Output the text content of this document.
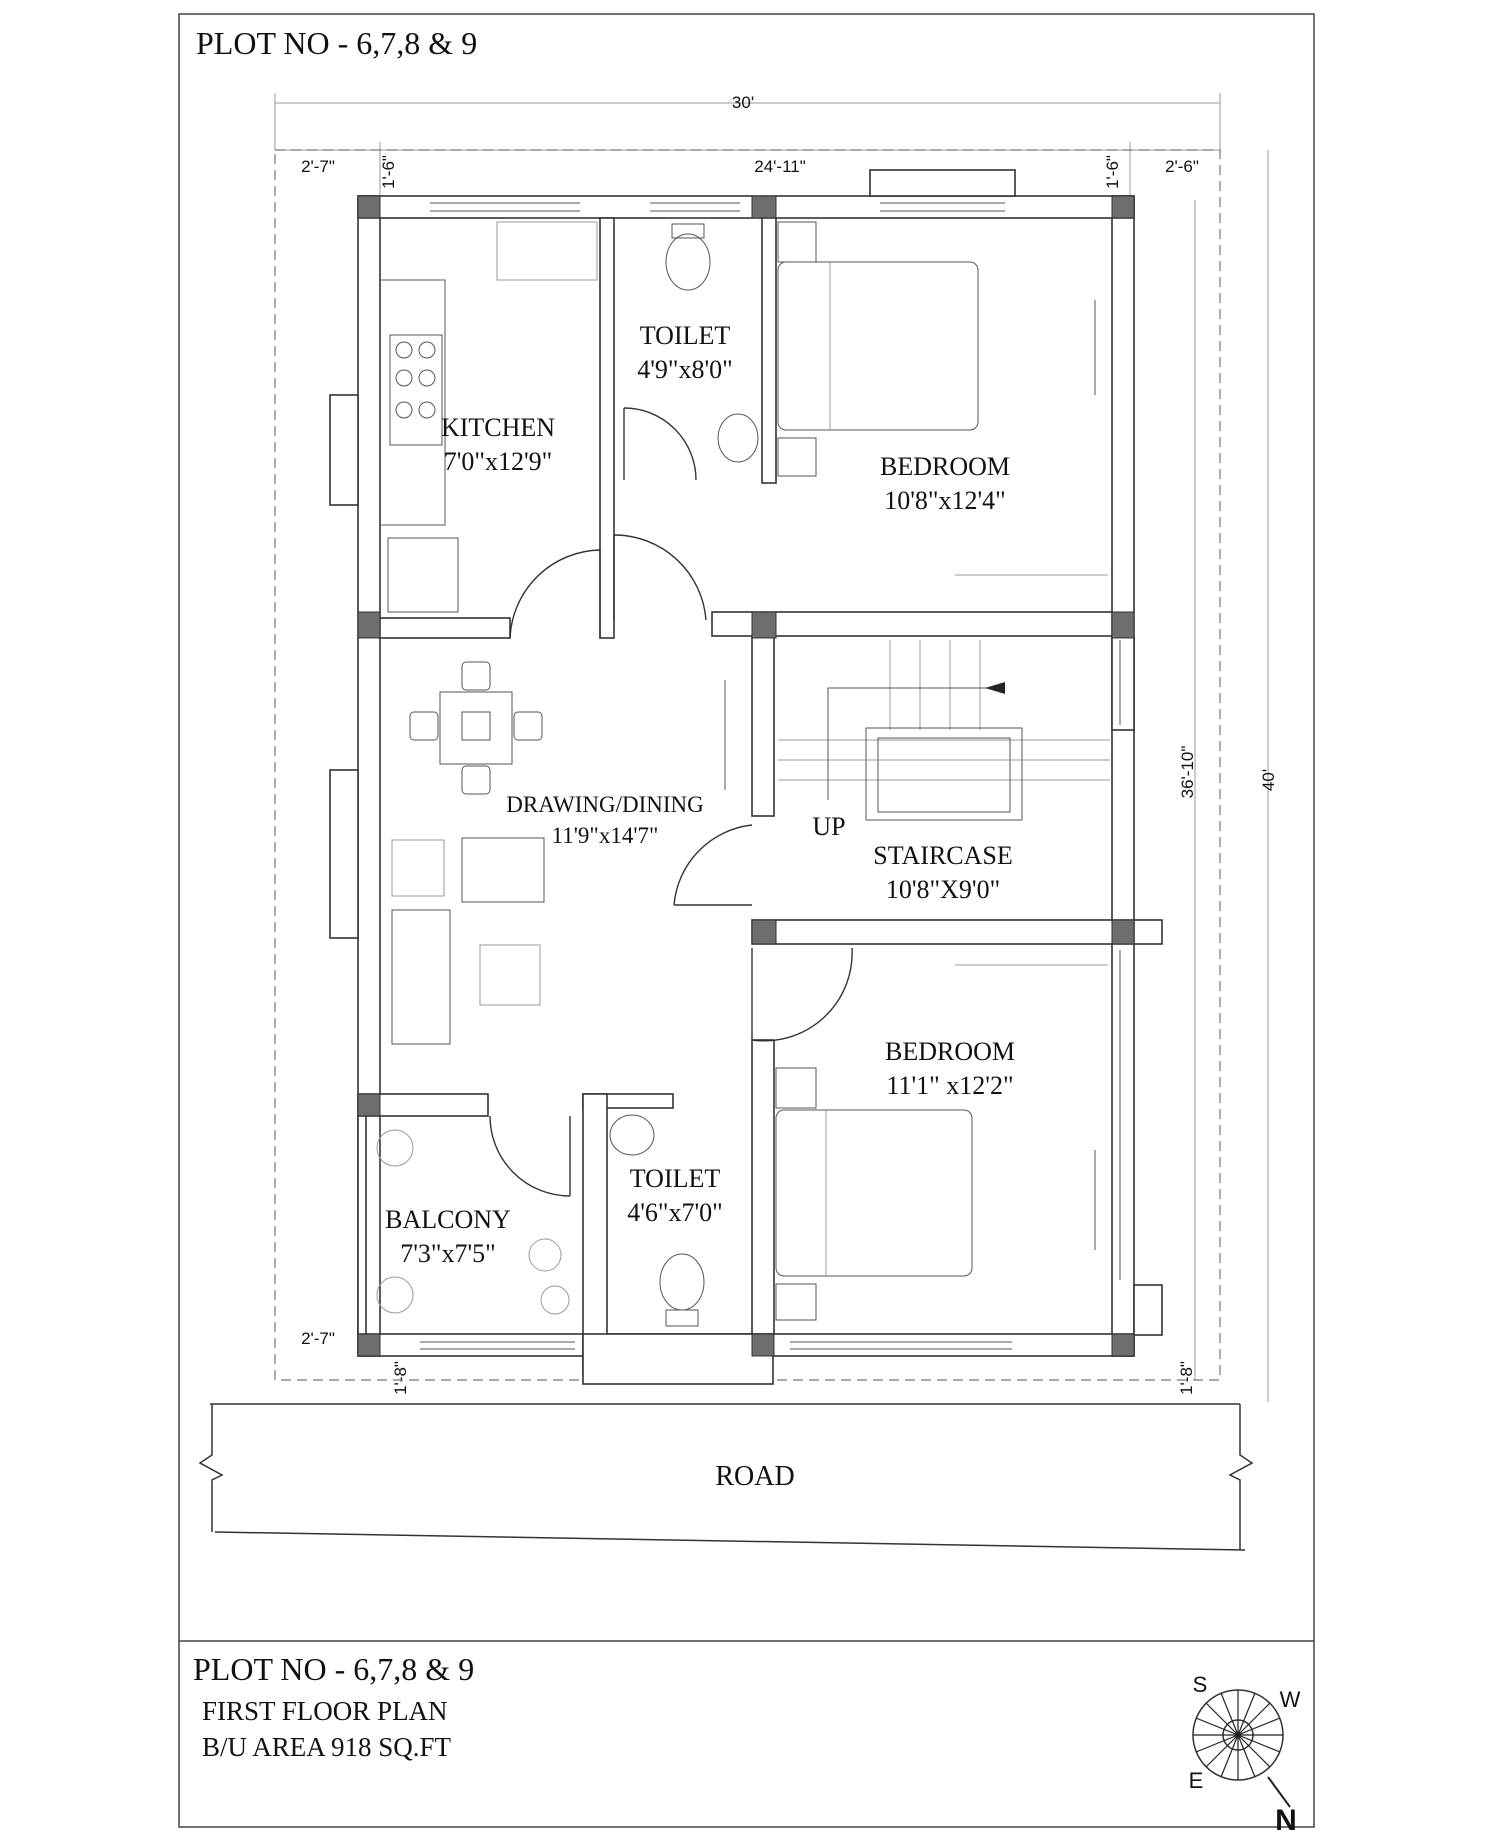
PLOT NO - 6,7,8 & 9
PLOT NO - 6,7,8 & 9
FIRST FLOOR PLAN
B/U AREA 918 SQ.FT
30'
2'-7"	24'-11"	2'-6"
1'-6"	1'-6"
40'
36'-10"
2'-7"
1'-8"	1'-8"
KITCHEN
7'0"x12'9"
TOILET
4'9"x8'0"
BEDROOM
10'8"x12'4"
DRAWING/DINING
11'9"x14'7"	UP
STAIRCASE
10'8"X9'0"
BEDROOM
11'1" x12'2"
TOILET
4'6"x7'0"
BALCONY
7'3"x7'5"
ROAD
S
W
E
N
